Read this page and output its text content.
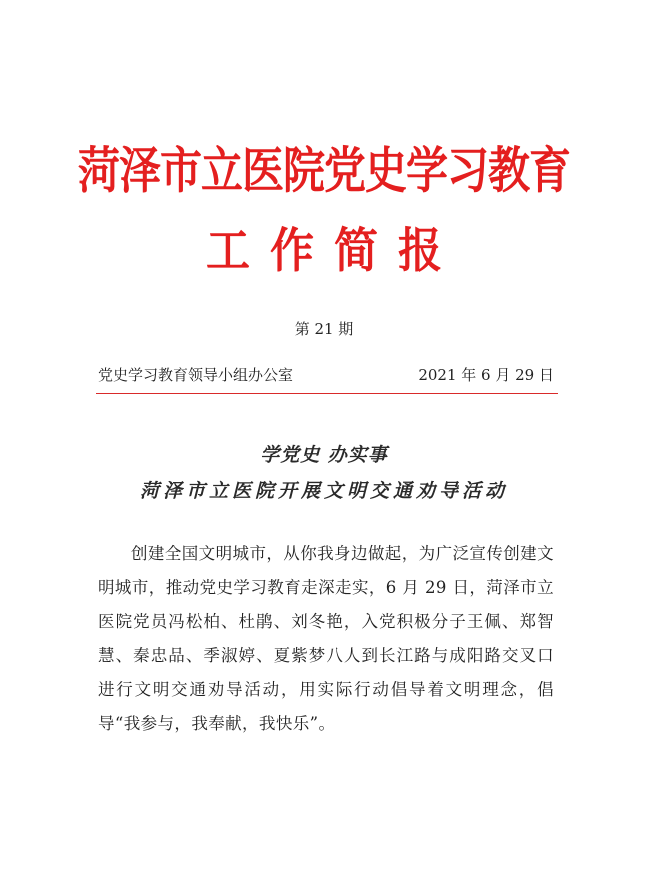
菏泽市立医院党史学习教育
工作简报

第 21 期

党史学习教育领导小组办公室	2021 年 6 月 29 日
学党史 办实事
菏泽市立医院开展文明交通劝导活动

创建全国文明城市，从你我身边做起，为广泛宣传创建文明城市，推动党史学习教育走深走实，6 月 29 日，菏泽市立医院党员冯松柏、杜鹃、刘冬艳，入党积极分子王佩、郑智慧、秦忠品、季淑婷、夏紫梦八人到长江路与成阳路交叉口进行文明交通劝导活动，用实际行动倡导着文明理念，倡导“我参与，我奉献，我快乐”。
